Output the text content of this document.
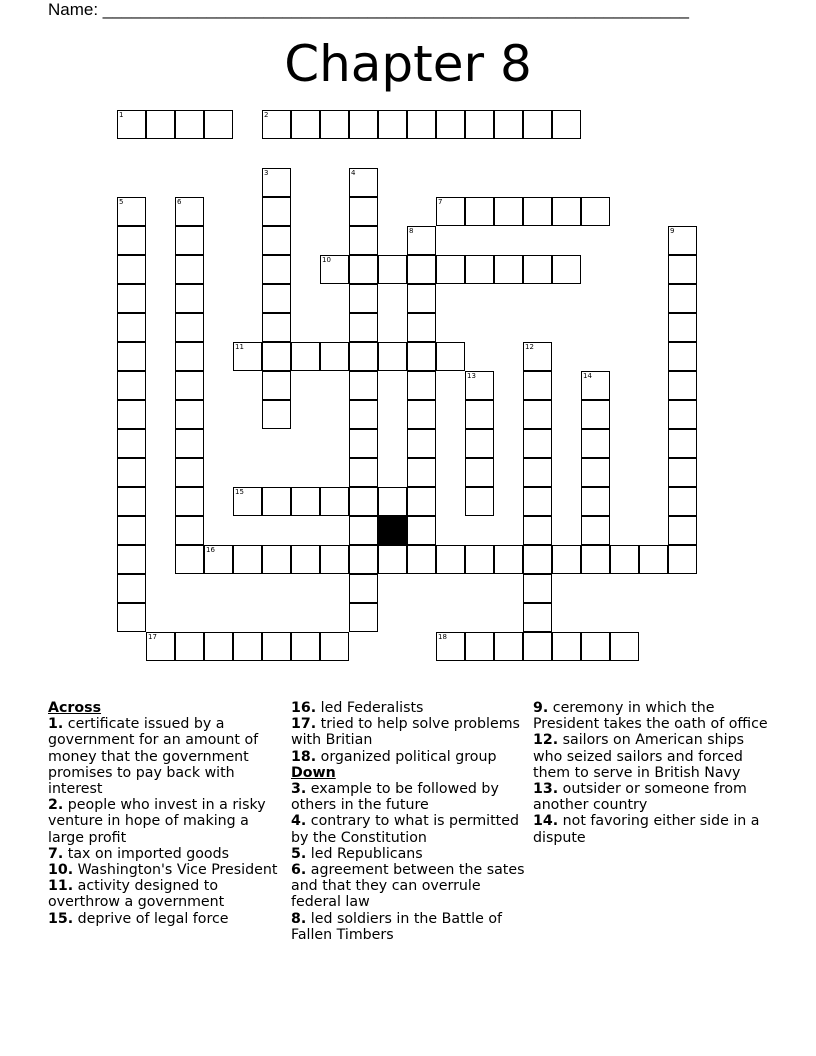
Name: ______________________________________________________________
Chapter 8
1	2
3	4
5	6	7
8	9
10
11	12
13	14
15
16
17	18
Across
1. certificate issued by a government for an amount of money that the government promises to pay back with interest
2. people who invest in a risky venture in hope of making a large profit
7. tax on imported goods
10. Washington's Vice President
11. activity designed to overthrow a government
15. deprive of legal force
16. led Federalists
17. tried to help solve problems with Britian
18. organized political group
Down
3. example to be followed by others in the future
4. contrary to what is permitted by the Constitution
5. led Republicans
6. agreement between the sates and that they can overrule federal law
8. led soldiers in the Battle of Fallen Timbers
9. ceremony in which the President takes the oath of office
12. sailors on American ships who seized sailors and forced them to serve in British Navy
13. outsider or someone from another country
14. not favoring either side in a dispute
